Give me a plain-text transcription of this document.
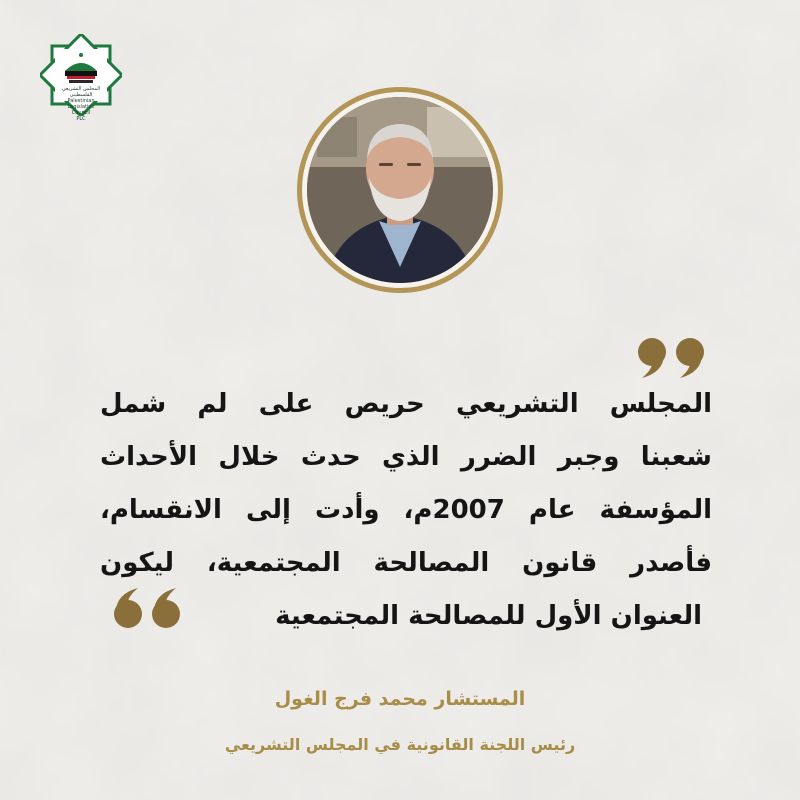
المجلس التشريعي الفلسطيني
Palestinian Legislative Council
PLC
المجلس التشريعي حريص على لم شمل
شعبنا وجبر الضرر الذي حدث خلال الأحداث
المؤسفة عام 2007م، وأدت إلى الانقسام،
فأصدر قانون المصالحة المجتمعية، ليكون
العنوان الأول للمصالحة المجتمعية
المستشار محمد فرج الغول
رئيس اللجنة القانونية في المجلس التشريعي
